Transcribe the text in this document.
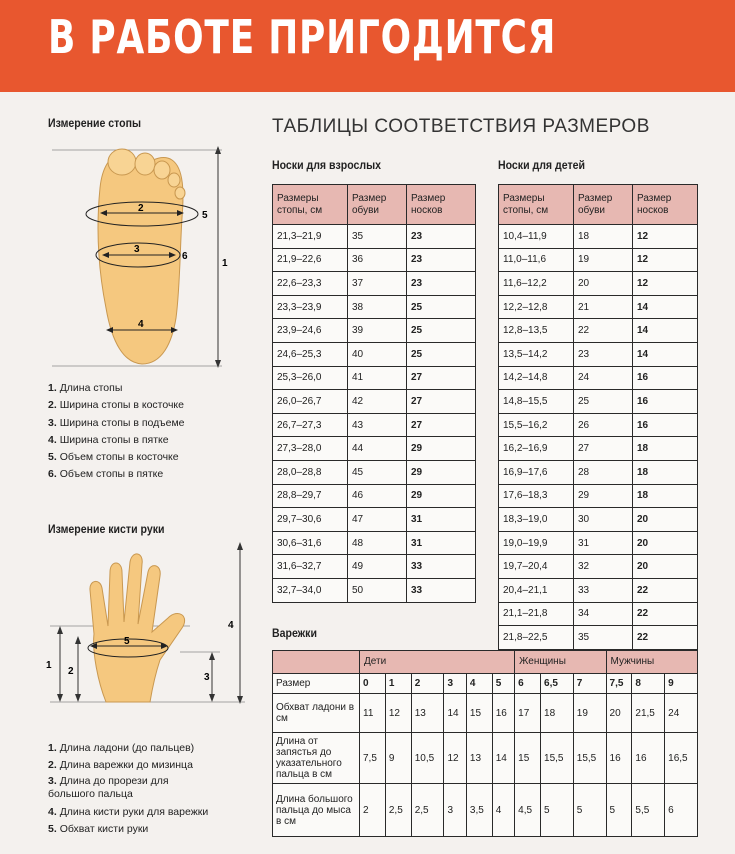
В РАБОТЕ ПРИГОДИТСЯ
Измерение стопы
2
5
3
6
4
1
1. Длина стопы
2. Ширина стопы в косточке
3. Ширина стопы в подъеме
4. Ширина стопы в пятке
5. Объем стопы в косточке
6. Объем стопы в пятке
Измерение кисти руки
1
2
5
3
4
1. Длина ладони (до пальцев)
2. Длина варежки до мизинца
3. Длина до прорези для большого пальца
4. Длина кисти руки для варежки
5. Обхват кисти руки
ТАБЛИЦЫ СООТВЕТСТВИЯ РАЗМЕРОВ
Носки для взрослых
Размеры стопы, см	Размер обуви	Размер носков
21,3–21,9	35	23
21,9–22,6	36	23
22,6–23,3	37	23
23,3–23,9	38	25
23,9–24,6	39	25
24,6–25,3	40	25
25,3–26,0	41	27
26,0–26,7	42	27
26,7–27,3	43	27
27,3–28,0	44	29
28,0–28,8	45	29
28,8–29,7	46	29
29,7–30,6	47	31
30,6–31,6	48	31
31,6–32,7	49	33
32,7–34,0	50	33
Носки для детей
Размеры стопы, см	Размер обуви	Размер носков
10,4–11,9	18	12
11,0–11,6	19	12
11,6–12,2	20	12
12,2–12,8	21	14
12,8–13,5	22	14
13,5–14,2	23	14
14,2–14,8	24	16
14,8–15,5	25	16
15,5–16,2	26	16
16,2–16,9	27	18
16,9–17,6	28	18
17,6–18,3	29	18
18,3–19,0	30	20
19,0–19,9	31	20
19,7–20,4	32	20
20,4–21,1	33	22
21,1–21,8	34	22
21,8–22,5	35	22
Варежки
	Дети						Женщины			Мужчины		
Размер	0	1	2	3	4	5	6	6,5	7	7,5	8	9
Обхват ладони в см	11	12	13	14	15	16	17	18	19	20	21,5	24
Длина от запястья до указательного пальца в см	7,5	9	10,5	12	13	14	15	15,5	15,5	16	16	16,5
Длина большого пальца до мыса в см	2	2,5	2,5	3	3,5	4	4,5	5	5	5	5,5	6
